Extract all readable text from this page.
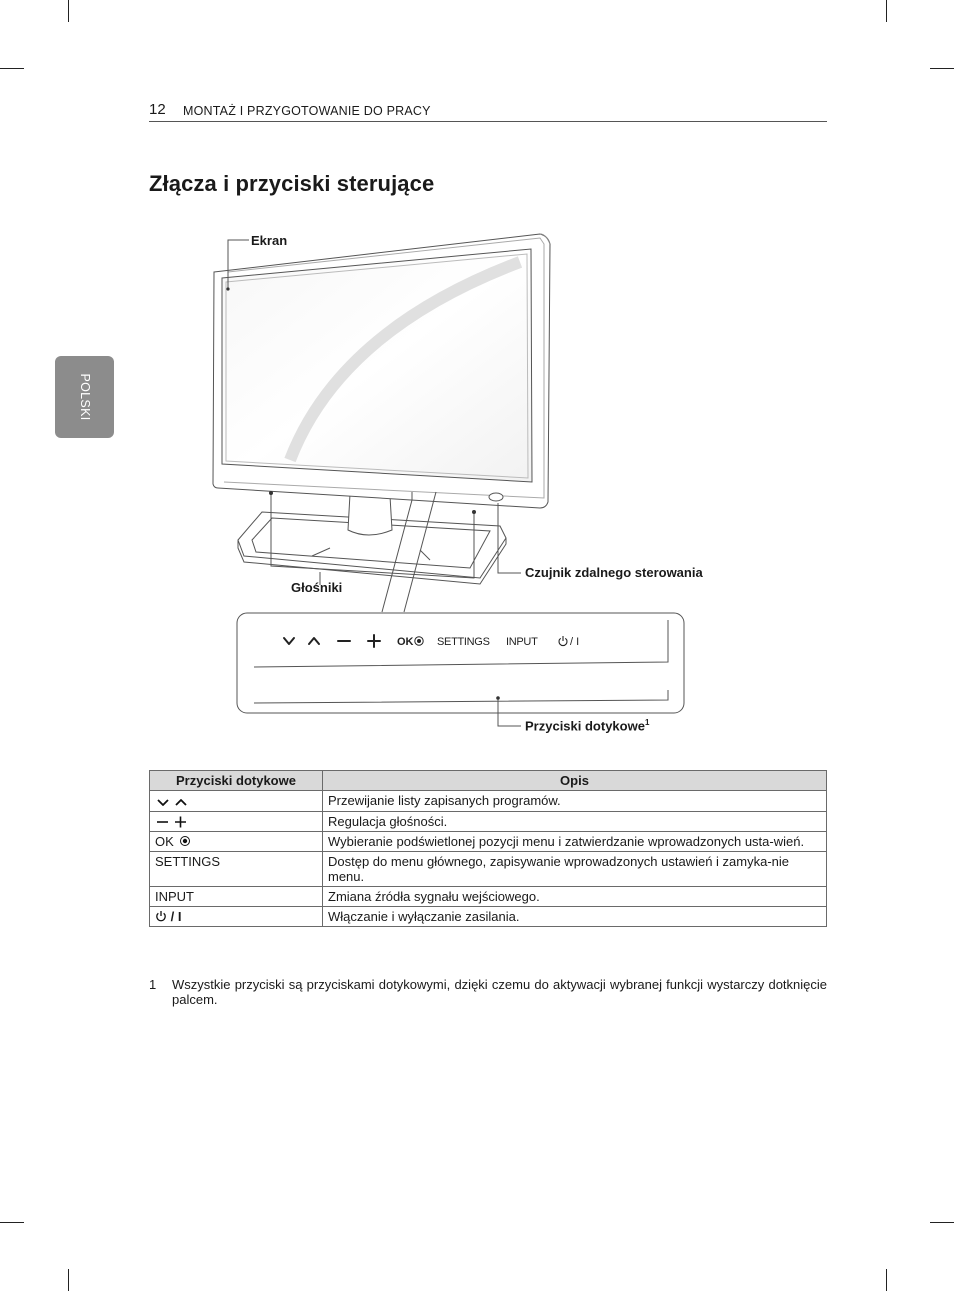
12 MONTAŻ I PRZYGOTOWANIE DO PRACY
POLSKI
Złącza i przyciski sterujące
OK SETTINGS INPUT	/ I
Ekran
Głośniki
Czujnik zdalnego sterowania
Przyciski dotykowe$^1$
Przyciski dotykowe	Opis
	Przewijanie listy zapisanych programów.
	Regulacja głośności.
OK	Wybieranie podświetlonej pozycji menu i zatwierdzanie wprowadzonych usta-wień.
SETTINGS	Dostęp do menu głównego, zapisywanie wprowadzonych ustawień i zamyka-nie menu.
INPUT	Zmiana źródła sygnału wejściowego.
/ I	Włączanie i wyłączanie zasilania.
1 Wszystkie przyciski są przyciskami dotykowymi, dzięki czemu do aktywacji wybranej funkcji wystarczy dotknięcie palcem.
